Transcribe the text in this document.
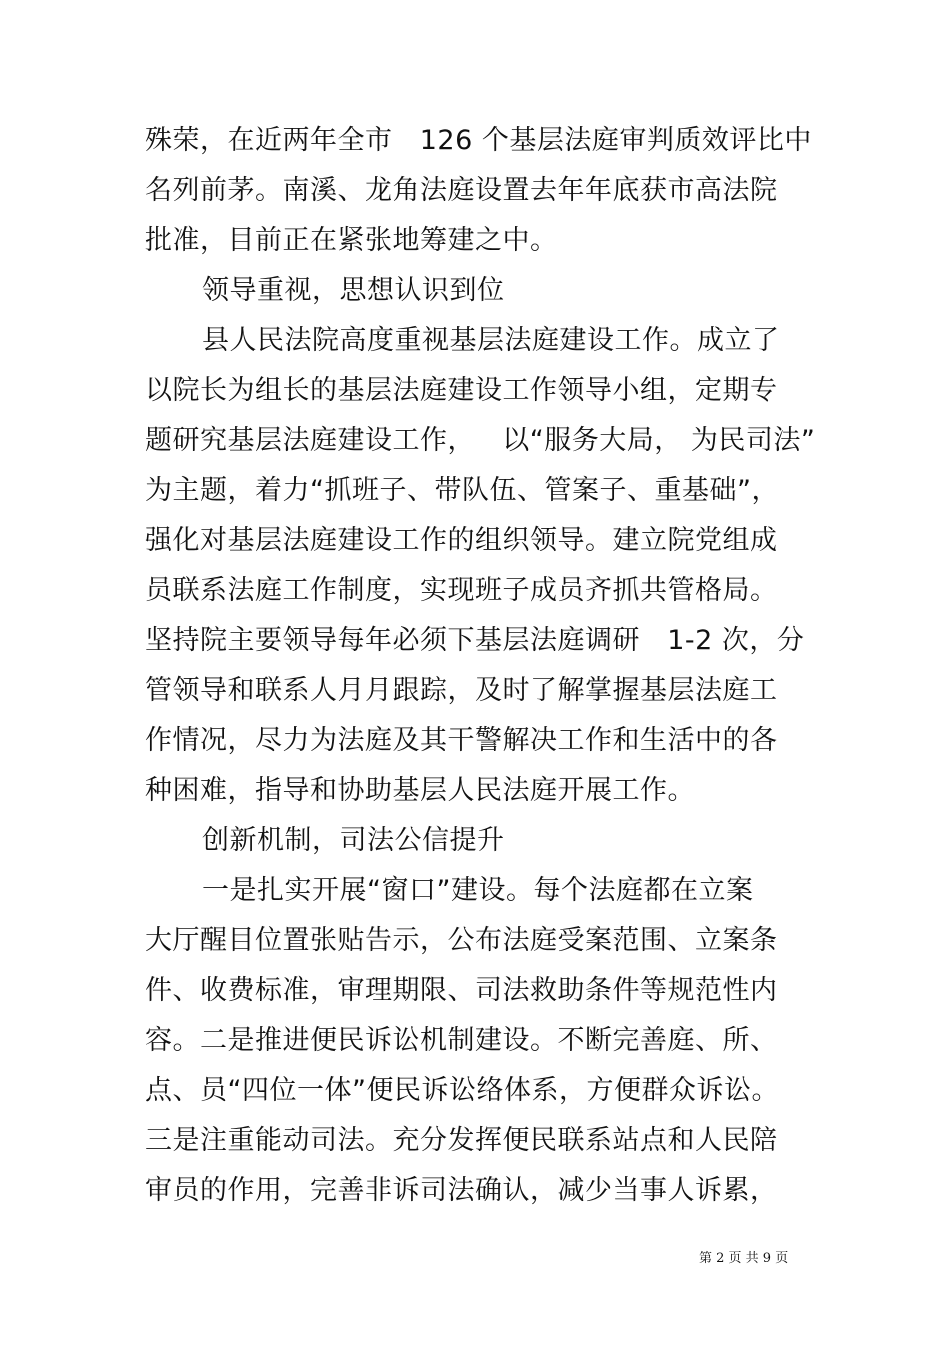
殊荣，在近两年全市   126 个基层法庭审判质效评比中
名列前茅。南溪、龙角法庭设置去年年底获市高法院
批准，目前正在紧张地筹建之中。
领导重视，思想认识到位
县人民法院高度重视基层法庭建设工作。成立了
以院长为组长的基层法庭建设工作领导小组，定期专
题研究基层法庭建设工作，   以“服务大局， 为民司法”
为主题，着力“抓班子、带队伍、管案子、重基础”，
强化对基层法庭建设工作的组织领导。建立院党组成
员联系法庭工作制度，实现班子成员齐抓共管格局。
坚持院主要领导每年必须下基层法庭调研   1-2 次，分
管领导和联系人月月跟踪，及时了解掌握基层法庭工
作情况，尽力为法庭及其干警解决工作和生活中的各
种困难，指导和协助基层人民法庭开展工作。
创新机制，司法公信提升
一是扎实开展“窗口”建设。每个法庭都在立案
大厅醒目位置张贴告示，公布法庭受案范围、立案条
件、收费标准，审理期限、司法救助条件等规范性内
容。二是推进便民诉讼机制建设。不断完善庭、所、
点、员“四位一体”便民诉讼络体系，方便群众诉讼。
三是注重能动司法。充分发挥便民联系站点和人民陪
审员的作用，完善非诉司法确认，减少当事人诉累，
第 2 页 共 9 页
